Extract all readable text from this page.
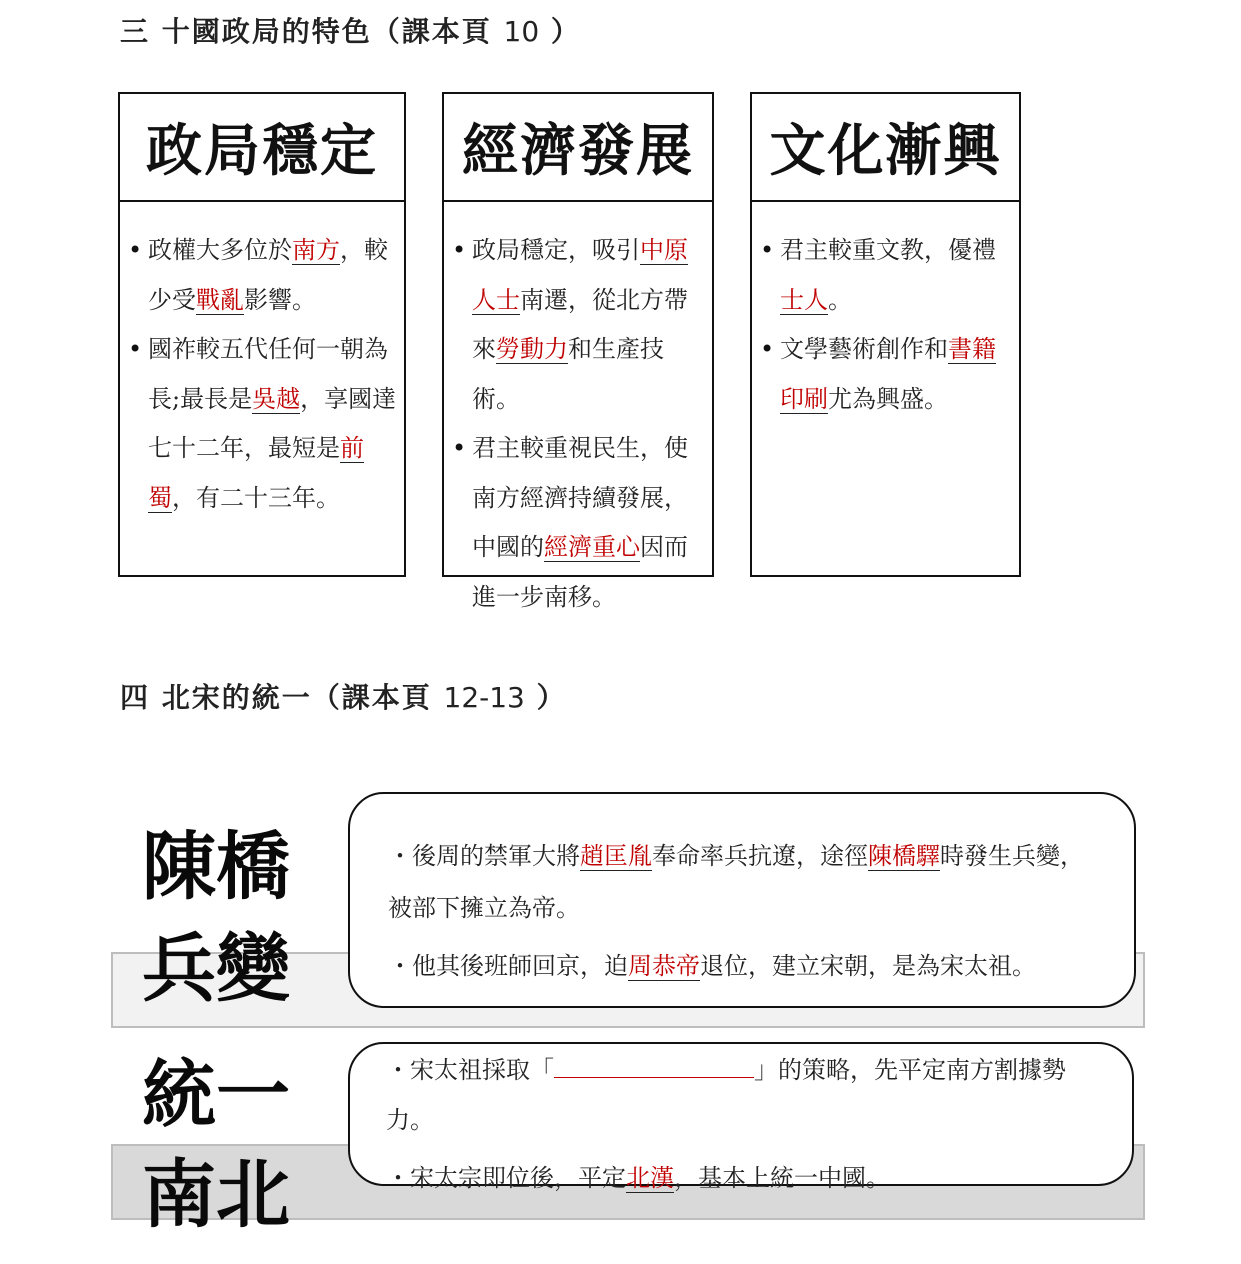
三 十國政局的特色（課本頁 10 ）
政局穩定
• 政權大多位於南方，較少受戰亂影響。
• 國祚較五代任何一朝為長;最長是吳越，享國達七十二年，最短是前蜀，有二十三年。
經濟發展
• 政局穩定，吸引中原人士南遷，從北方帶來勞動力和生產技術。
• 君主較重視民生，使南方經濟持續發展，中國的經濟重心因而進一步南移。
文化漸興
• 君主較重文教，優禮士人。
• 文學藝術創作和書籍印刷尤為興盛。
四 北宋的統一（課本頁 12-13 ）
陳橋
兵變

・後周的禁軍大將趙匡胤奉命率兵抗遼，途徑陳橋驛時發生兵變，

被部下擁立為帝。

・他其後班師回京，迫周恭帝退位，建立宋朝，是為宋太祖。

統一
南北

・宋太祖採取「	」的策略，先平定南方割據勢

力。

・宋太宗即位後，平定北漢，基本上統一中國。
